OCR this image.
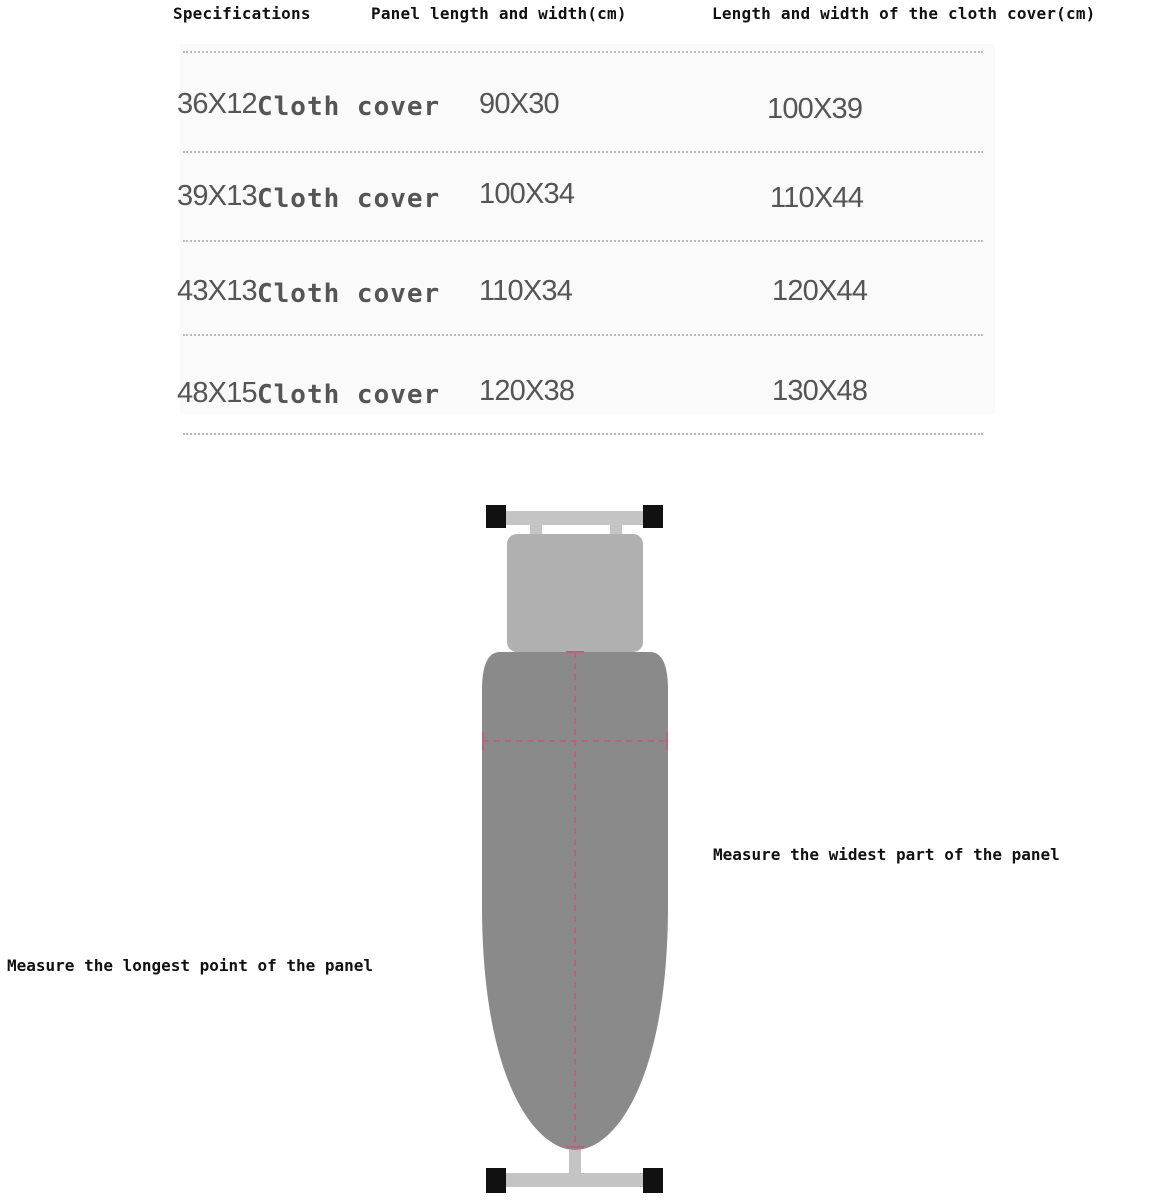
Specifications	Panel length and width(cm)	Length and width of the cloth cover(cm)
36X12 Cloth cover 90X30	100X39
39X13 Cloth cover 100X34	110X44
43X13 Cloth cover 110X34	120X44
48X15 Cloth cover 120X38	130X48
Measure the widest part of the panel
Measure the longest point of the panel
